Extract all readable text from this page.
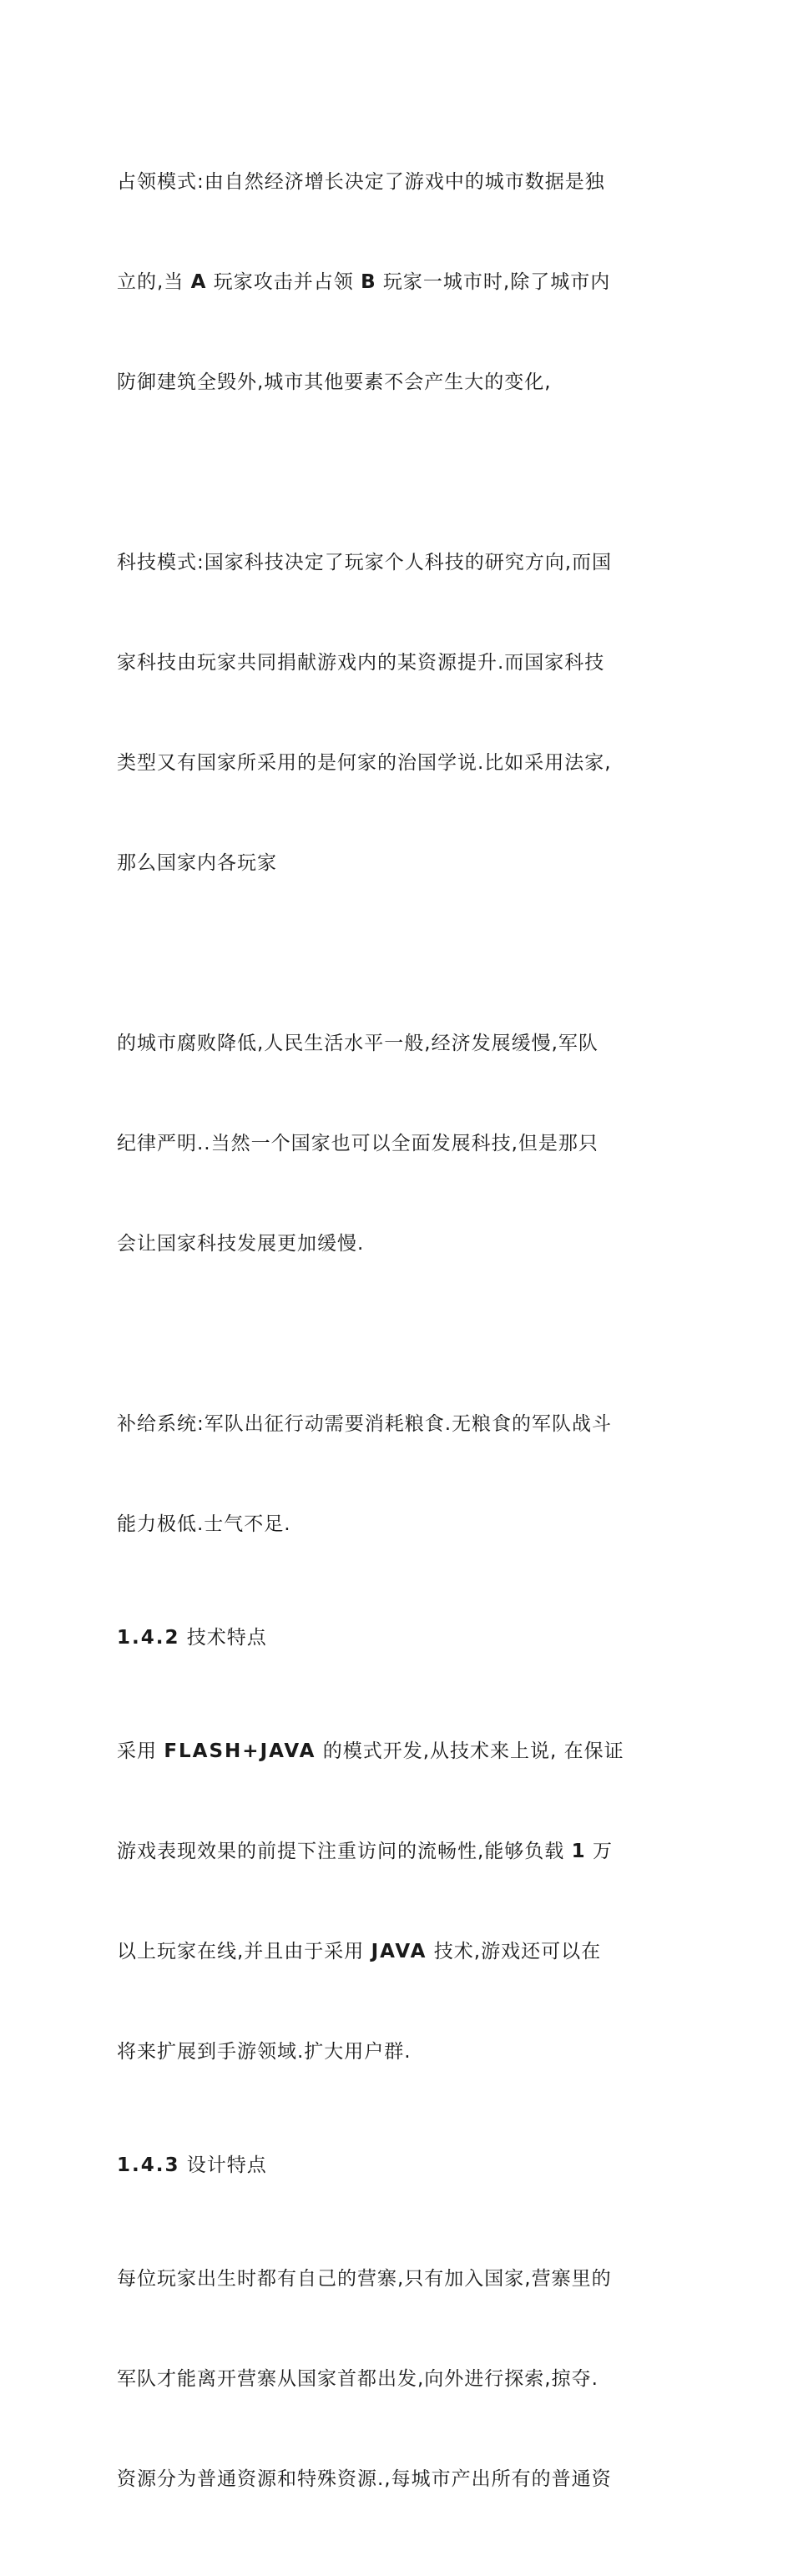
占领模式:由自然经济增长决定了游戏中的城市数据是独

立的,当 A 玩家攻击并占领 B 玩家一城市时,除了城市内

防御建筑全毁外,城市其他要素不会产生大的变化,

科技模式:国家科技决定了玩家个人科技的研究方向,而国

家科技由玩家共同捐献游戏内的某资源提升.而国家科技

类型又有国家所采用的是何家的治国学说.比如采用法家,

那么国家内各玩家

的城市腐败降低,人民生活水平一般,经济发展缓慢,军队

纪律严明..当然一个国家也可以全面发展科技,但是那只

会让国家科技发展更加缓慢.

补给系统:军队出征行动需要消耗粮食.无粮食的军队战斗

能力极低.士气不足.

1.4.2 技术特点

采用 FLASH+JAVA 的模式开发,从技术来上说, 在保证

游戏表现效果的前提下注重访问的流畅性,能够负载 1 万

以上玩家在线,并且由于采用 JAVA 技术,游戏还可以在

将来扩展到手游领域.扩大用户群.

1.4.3 设计特点

每位玩家出生时都有自己的营寨,只有加入国家,营寨里的

军队才能离开营寨从国家首都出发,向外进行探索,掠夺.

资源分为普通资源和特殊资源.,每城市产出所有的普通资
